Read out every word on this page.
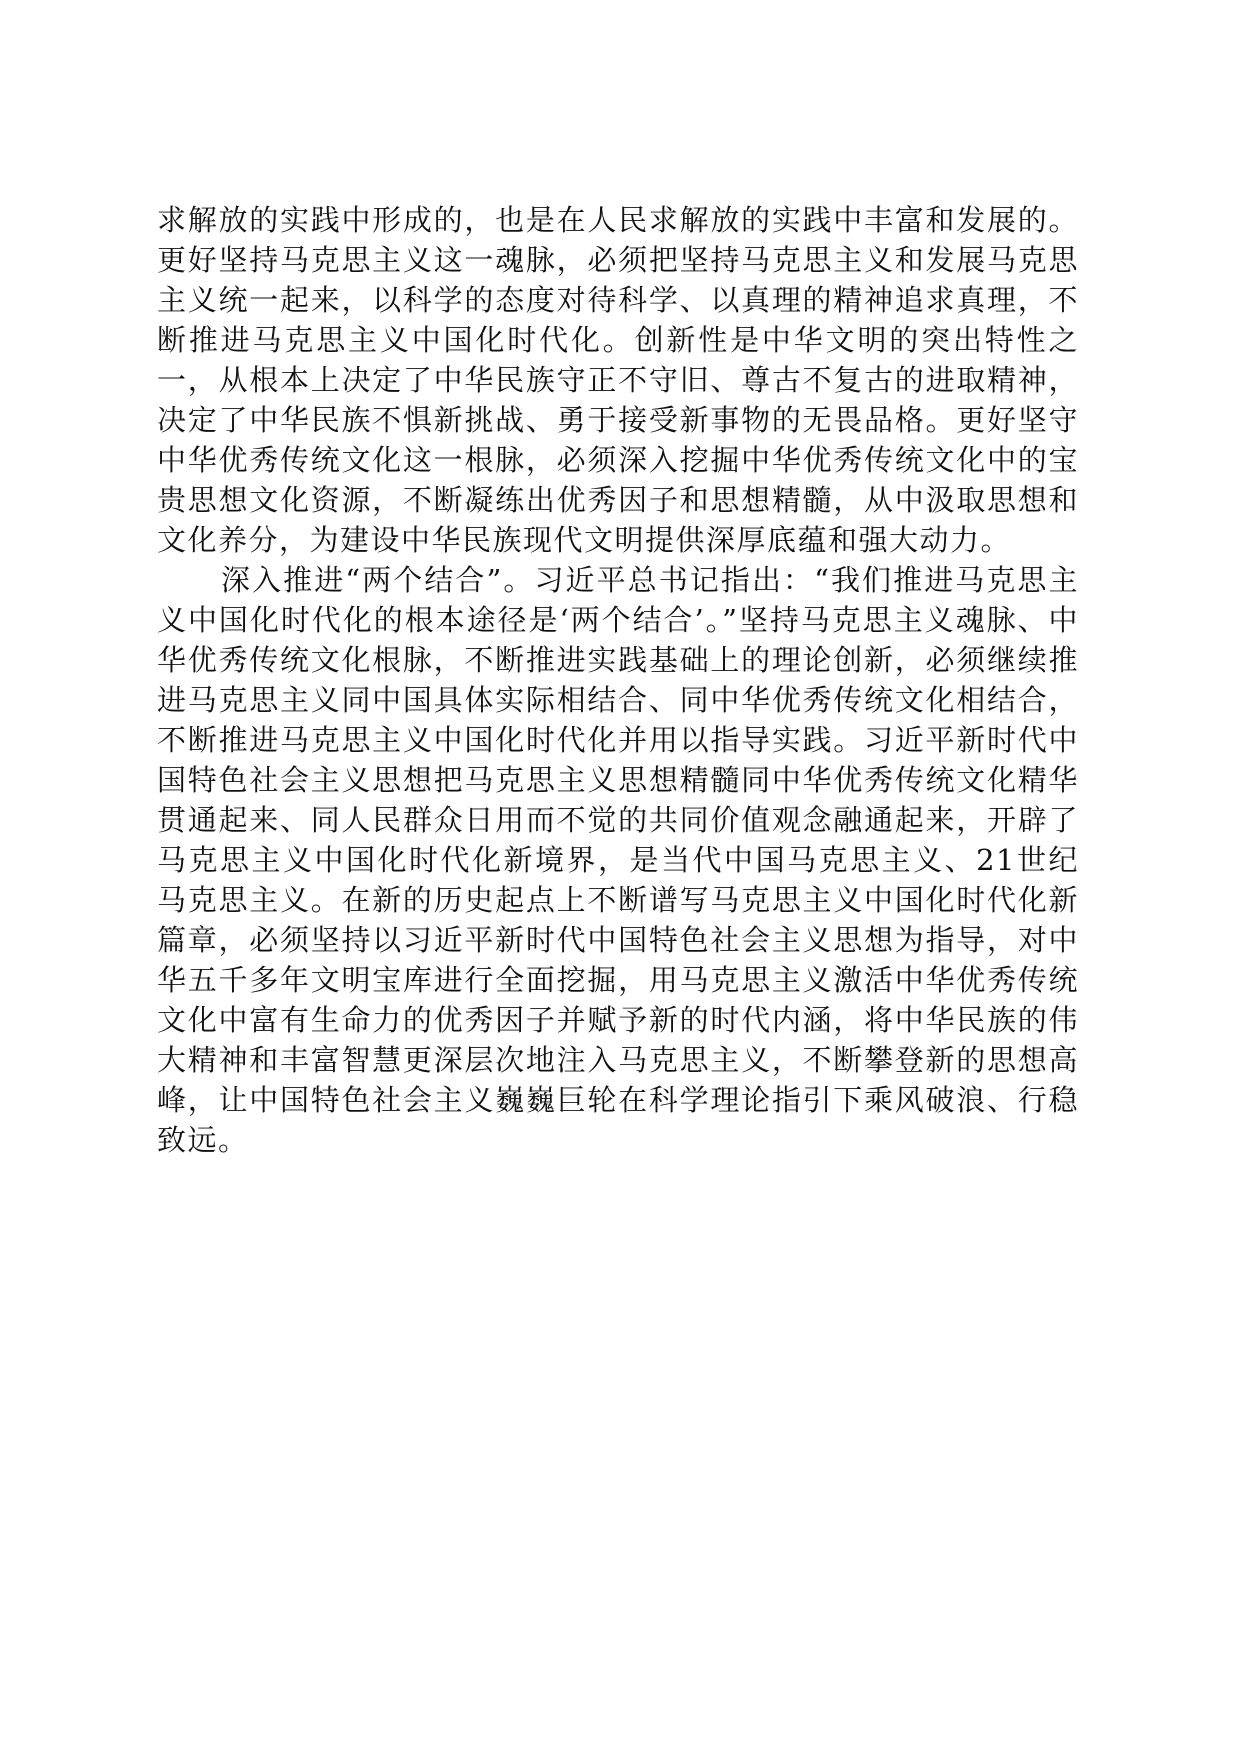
求解放的实践中形成的，也是在人民求解放的实践中丰富和发展的。更好坚持马克思主义这一魂脉，必须把坚持马克思主义和发展马克思主义统一起来，以科学的态度对待科学、以真理的精神追求真理，不断推进马克思主义中国化时代化。创新性是中华文明的突出特性之一，从根本上决定了中华民族守正不守旧、尊古不复古的进取精神，决定了中华民族不惧新挑战、勇于接受新事物的无畏品格。更好坚守中华优秀传统文化这一根脉，必须深入挖掘中华优秀传统文化中的宝贵思想文化资源，不断凝练出优秀因子和思想精髓，从中汲取思想和文化养分，为建设中华民族现代文明提供深厚底蕴和强大动力。

深入推进“两个结合”。习近平总书记指出：“我们推进马克思主义中国化时代化的根本途径是‘两个结合’。”坚持马克思主义魂脉、中华优秀传统文化根脉，不断推进实践基础上的理论创新，必须继续推进马克思主义同中国具体实际相结合、同中华优秀传统文化相结合，不断推进马克思主义中国化时代化并用以指导实践。习近平新时代中国特色社会主义思想把马克思主义思想精髓同中华优秀传统文化精华贯通起来、同人民群众日用而不觉的共同价值观念融通起来，开辟了马克思主义中国化时代化新境界，是当代中国马克思主义、21世纪马克思主义。在新的历史起点上不断谱写马克思主义中国化时代化新篇章，必须坚持以习近平新时代中国特色社会主义思想为指导，对中华五千多年文明宝库进行全面挖掘，用马克思主义激活中华优秀传统文化中富有生命力的优秀因子并赋予新的时代内涵，将中华民族的伟大精神和丰富智慧更深层次地注入马克思主义，不断攀登新的思想高峰，让中国特色社会主义巍巍巨轮在科学理论指引下乘风破浪、行稳致远。
